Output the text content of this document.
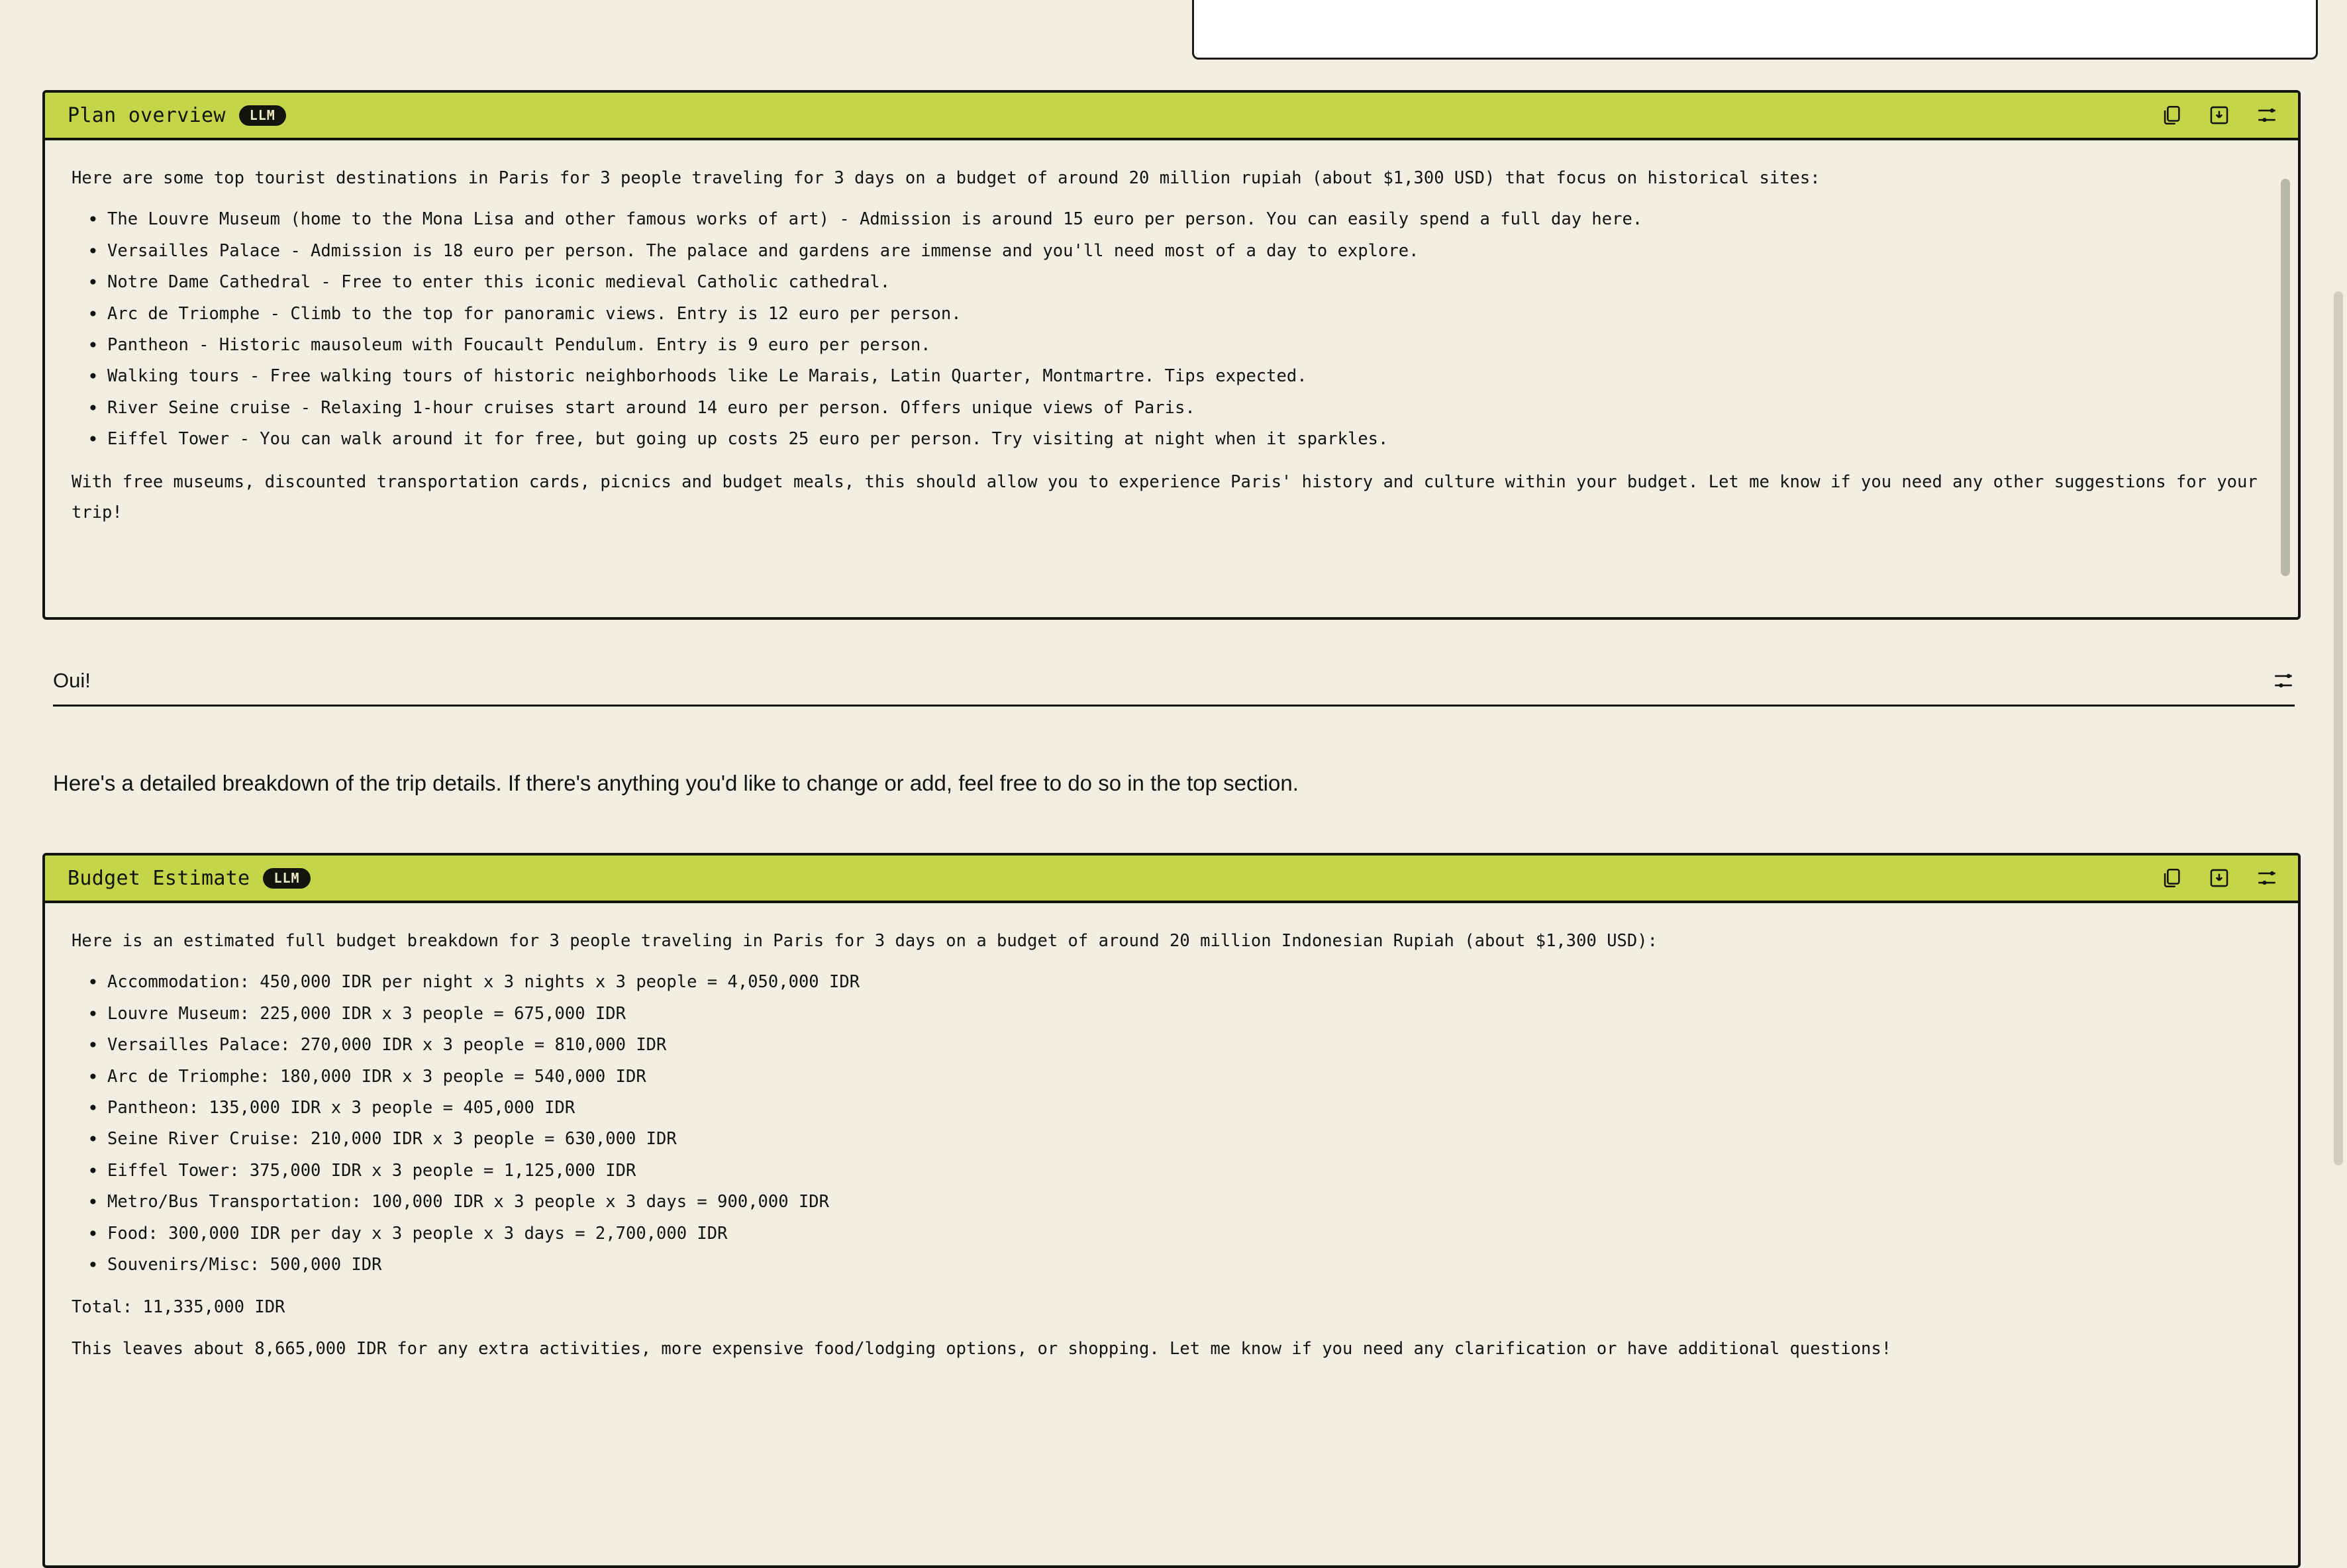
Plan overview	LLM

Here are some top tourist destinations in Paris for 3 people traveling for 3 days on a budget of around 20 million rupiah (about $1,300 USD) that focus on historical sites:

• The Louvre Museum (home to the Mona Lisa and other famous works of art) - Admission is around 15 euro per person. You can easily spend a full day here.
• Versailles Palace - Admission is 18 euro per person. The palace and gardens are immense and you'll need most of a day to explore.
• Notre Dame Cathedral - Free to enter this iconic medieval Catholic cathedral.
• Arc de Triomphe - Climb to the top for panoramic views. Entry is 12 euro per person.
• Pantheon - Historic mausoleum with Foucault Pendulum. Entry is 9 euro per person.
• Walking tours - Free walking tours of historic neighborhoods like Le Marais, Latin Quarter, Montmartre. Tips expected.
• River Seine cruise - Relaxing 1-hour cruises start around 14 euro per person. Offers unique views of Paris.
• Eiffel Tower - You can walk around it for free, but going up costs 25 euro per person. Try visiting at night when it sparkles.

With free museums, discounted transportation cards, picnics and budget meals, this should allow you to experience Paris' history and culture within your budget. Let me know if you need any other suggestions for your trip!

Oui!
Here's a detailed breakdown of the trip details. If there's anything you'd like to change or add, feel free to do so in the top section.
Budget Estimate	LLM

Here is an estimated full budget breakdown for 3 people traveling in Paris for 3 days on a budget of around 20 million Indonesian Rupiah (about $1,300 USD):

• Accommodation: 450,000 IDR per night x 3 nights x 3 people = 4,050,000 IDR
• Louvre Museum: 225,000 IDR x 3 people = 675,000 IDR
• Versailles Palace: 270,000 IDR x 3 people = 810,000 IDR
• Arc de Triomphe: 180,000 IDR x 3 people = 540,000 IDR
• Pantheon: 135,000 IDR x 3 people = 405,000 IDR
• Seine River Cruise: 210,000 IDR x 3 people = 630,000 IDR
• Eiffel Tower: 375,000 IDR x 3 people = 1,125,000 IDR
• Metro/Bus Transportation: 100,000 IDR x 3 people x 3 days = 900,000 IDR
• Food: 300,000 IDR per day x 3 people x 3 days = 2,700,000 IDR
• Souvenirs/Misc: 500,000 IDR

Total: 11,335,000 IDR

This leaves about 8,665,000 IDR for any extra activities, more expensive food/lodging options, or shopping. Let me know if you need any clarification or have additional questions!
